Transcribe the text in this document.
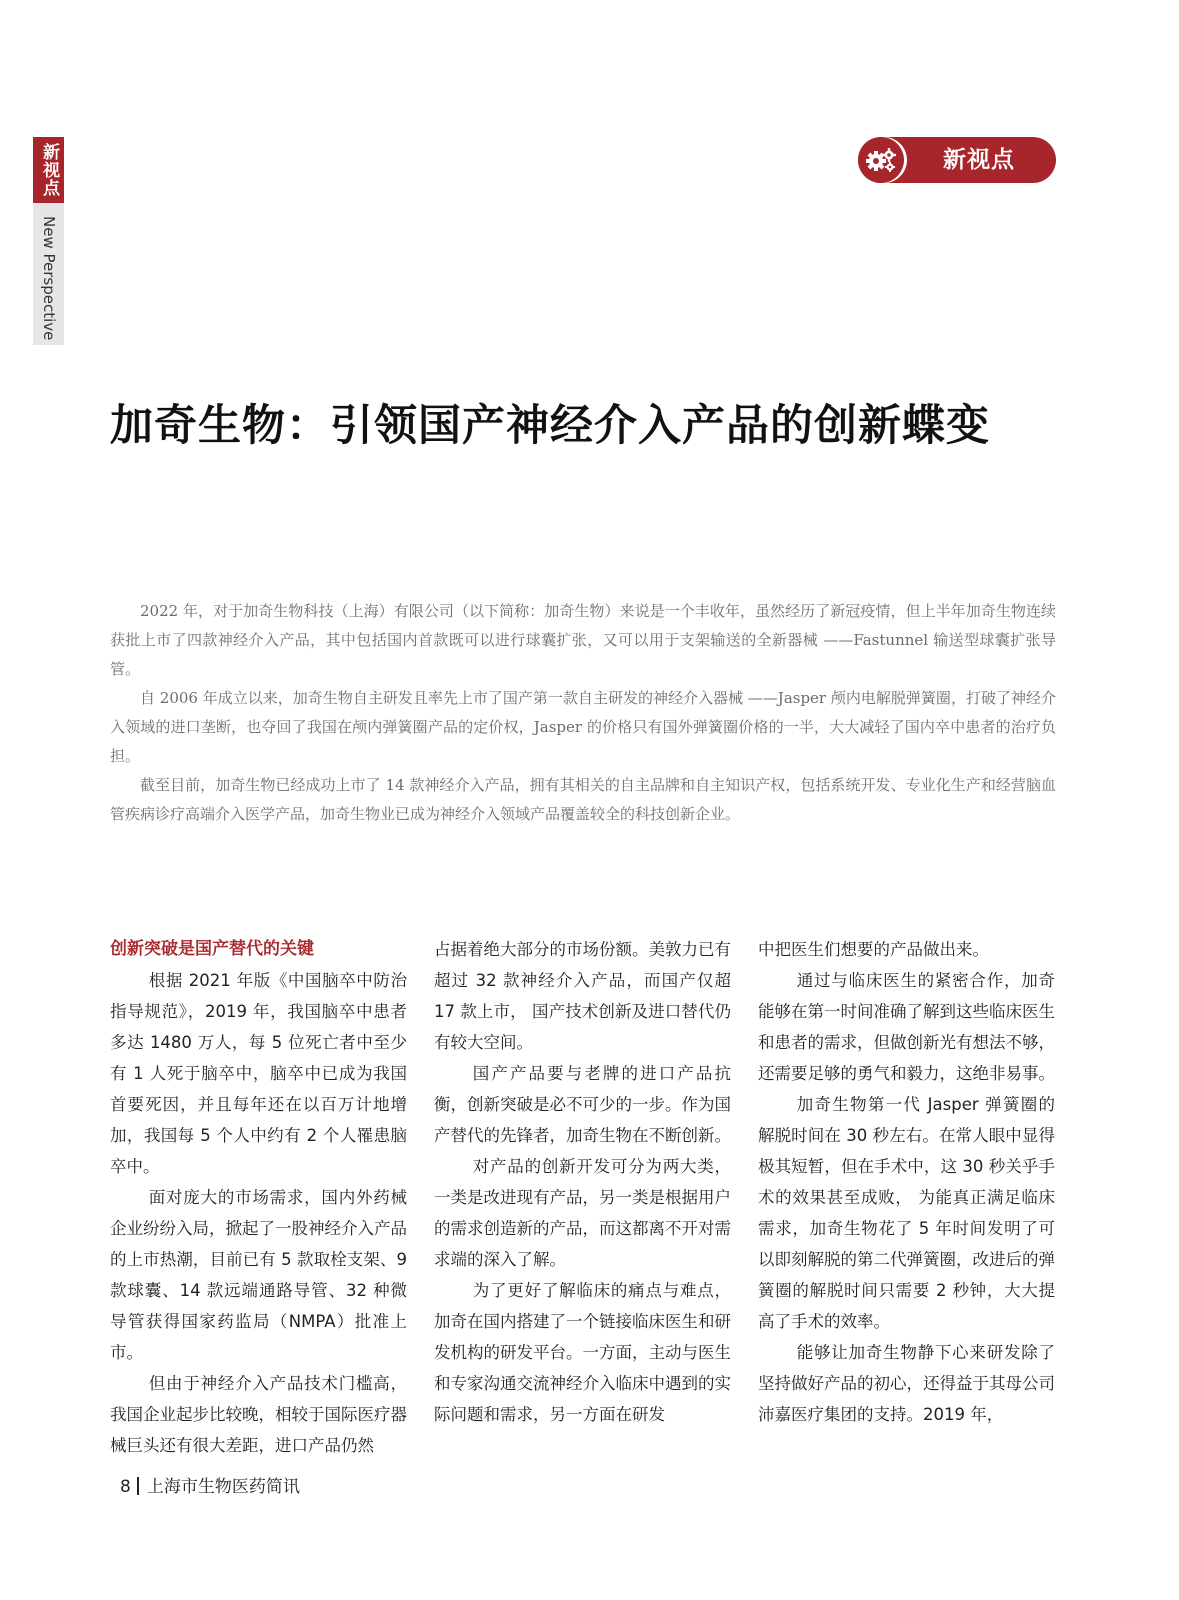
新视点
New Perspective
新视点
加奇生物：引领国产神经介入产品的创新蝶变

2022 年，对于加奇生物科技（上海）有限公司（以下简称：加奇生物）来说是一个丰收年，虽然经历了新冠疫情，但上半年加奇生物连续获批上市了四款神经介入产品，其中包括国内首款既可以进行球囊扩张，又可以用于支架输送的全新器械 ——Fastunnel 输送型球囊扩张导管。

自 2006 年成立以来，加奇生物自主研发且率先上市了国产第一款自主研发的神经介入器械 ——Jasper 颅内电解脱弹簧圈，打破了神经介入领域的进口垄断，也夺回了我国在颅内弹簧圈产品的定价权，Jasper 的价格只有国外弹簧圈价格的一半，大大减轻了国内卒中患者的治疗负担。

截至目前，加奇生物已经成功上市了 14 款神经介入产品，拥有其相关的自主品牌和自主知识产权，包括系统开发、专业化生产和经营脑血管疾病诊疗高端介入医学产品，加奇生物业已成为神经介入领域产品覆盖较全的科技创新企业。

创新突破是国产替代的关键

根据 2021 年版《中国脑卒中防治指导规范》，2019 年，我国脑卒中患者多达 1480 万人，每 5 位死亡者中至少有 1 人死于脑卒中，脑卒中已成为我国首要死因，并且每年还在以百万计地增加，我国每 5 个人中约有 2 个人罹患脑卒中。

面对庞大的市场需求，国内外药械企业纷纷入局，掀起了一股神经介入产品的上市热潮，目前已有 5 款取栓支架、9 款球囊、14 款远端通路导管、32 种微导管获得国家药监局（NMPA）批准上市。

但由于神经介入产品技术门槛高，我国企业起步比较晚，相较于国际医疗器械巨头还有很大差距，进口产品仍然

占据着绝大部分的市场份额。美敦力已有超过 32 款神经介入产品，而国产仅超 17 款上市， 国产技术创新及进口替代仍有较大空间。

国产产品要与老牌的进口产品抗衡，创新突破是必不可少的一步。作为国产替代的先锋者，加奇生物在不断创新。

对产品的创新开发可分为两大类，一类是改进现有产品，另一类是根据用户的需求创造新的产品，而这都离不开对需求端的深入了解。

为了更好了解临床的痛点与难点，加奇在国内搭建了一个链接临床医生和研发机构的研发平台。一方面，主动与医生和专家沟通交流神经介入临床中遇到的实际问题和需求，另一方面在研发

中把医生们想要的产品做出来。

通过与临床医生的紧密合作，加奇能够在第一时间准确了解到这些临床医生和患者的需求，但做创新光有想法不够，还需要足够的勇气和毅力，这绝非易事。

加奇生物第一代 Jasper 弹簧圈的解脱时间在 30 秒左右。在常人眼中显得极其短暂，但在手术中，这 30 秒关乎手术的效果甚至成败， 为能真正满足临床需求，加奇生物花了 5 年时间发明了可以即刻解脱的第二代弹簧圈，改进后的弹簧圈的解脱时间只需要 2 秒钟，大大提高了手术的效率。

能够让加奇生物静下心来研发除了坚持做好产品的初心，还得益于其母公司沛嘉医疗集团的支持。2019 年，

8 上海市生物医药简讯
